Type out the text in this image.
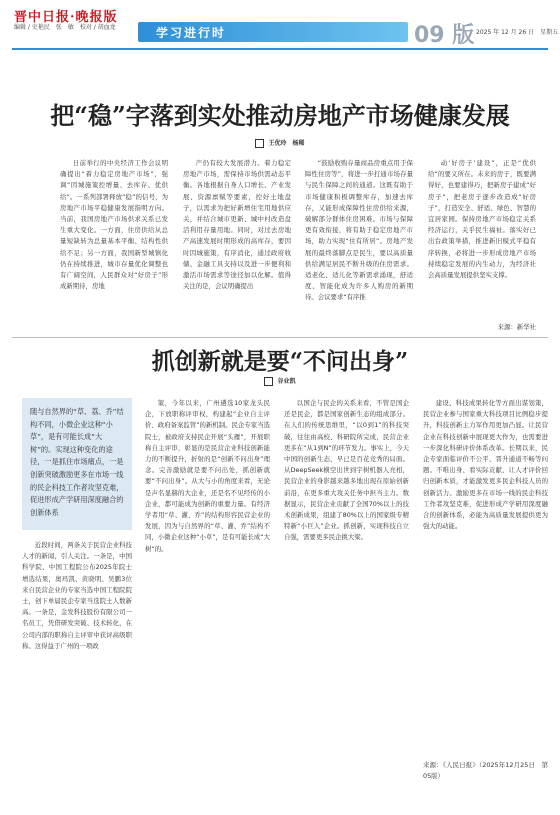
晋中日报·晚报版
编辑 / 史艳民　张　敏　校对 / 胡血龙	学习进行时	09 版 2025 年 12 月 26 日　星期五
把“稳”字落到实处推动房地产市场健康发展
王优玲　杨稀

日前举行的中央经济工作会议明确提出“着力稳定房地产市场”，强调“因城施策控增量、去库存、优供给”。一系列部署释放“稳”的信号，为房地产市场平稳健康发展指明方向。当前，我国房地产市场供求关系已发生重大变化。一方面，住房供给从总量短缺转为总量基本平衡、结构性供给不足；另一方面，我国新型城镇化仍在持续推进，城市存量优化调整也有广阔空间，人民群众对“好房子”形成新期待，房地

产仍有较大发展潜力。着力稳定房地产市场，需保持市场供需动态平衡。各地根据自身人口增长、产业发展、资源禀赋等要素，控好土地盘子，以需求为把好新增住宅用地供应关，并结合城市更新、城中村改造盘活利用存量用地。同时，对过去房地产高速发展时期形成的高库存，要因时因城施策，有序消化，通过政府收储、金融工具支持以及进一步便利和激活市场需求等途径加以化解。值得关注的是，会议明确提出

“鼓励收购存量商品房重点用于保障性住房等”，将进一步打通市场存量与民生保障之间的通道。这既有助于市场健康积极调整库存，加速去库存，又能形成保障性住房供给来源，破解部分群体住房困难。市场与保障更有效衔接，将有助于稳定房地产市场，助力实现“住有所居”。房地产发展的最终落脚点是民生，要以高质量供给满足居民不断升级的住房需求。适老化、适儿化等新需求涌现，舒适度、智能化成为许多人购房的新期待。会议要求“有序推

动‘好房子’建设”，正是“优供给”的要义所在。未来的房子，既要满得好，也要建得巧，把新房子建成“好房子”，把老房子逐步改造成“好房子”，打造安全、舒适、绿色、智慧的宜居家园。保持房地产市场稳定关系经济运行，关乎民生福祉。落实好已出台政策举措，推进新旧模式平稳有序转换，必将进一步形成房地产市场持续稳定发展的内生动力，为经济社会高质量发展提供坚实支撑。

来源：新华社
抓创新就是要“不问出身”
谷业凯

随与自然界的“草、荔、乔”结构不同，小微企业这种“小草”，是有可能长成“大树”的。实现这种变化的途径，一是抓住市场痛点，一是创新突破激励更多在市场一线的民企科技工作者攻坚克难，促进形成产学研用深度融合的创新体系

近段时间，两条关于民营企业科技人才的新闻，引人关注。一条是，中国科学院、中国工程院公布2025年院士增选结果，奥玛凯、黄晓明、吴鹏3位来自民营企业的专家当选中国工程院院士，创下单届民企专家当选院士人数新高。一条是，金发科技股份有限公司一名员工，凭借研发突破、技术转化，在公司内部的职称自主评审中获评高级职称。这得益于广州的一项政

策，今年以来，广州遴选10家龙头民企，下放职称评审权，构建起“企业自主评价、政府备案监管”的新机制。民企专家当选院士，被政府支持民企开展“头雁”，开展职称自主评审，彰显的是民营企业科技创新能力的不断提升，折射的是“创新不问出身”理念。完善激励就是要不问出处，抓创新就要“不问出身”。从大与小的角度来看，无论是声名显赫的大企业，还是名不见经传的小企业，都可能成为创新的重要力量。有经济学者用“草、灌、乔”的结构形容民营企业的发展，因为与自然界的“草、灌、乔”结构不同，小微企业这种“小草”，是有可能长成“大树”的。

以国企与民企的关系来看，不管是国企还是民企，都是国家创新生态的组成部分。在人们的传统思维里，“以0到1”的科技突破，往往由高校、科研院所完成，民营企业更多在“从1到N”的环节发力。事实上，今天中国的创新生态，早已是百花竞秀的局面。从DeepSeek横空出世到宇树机器人亮相，民营企业的身影越来越多地出现在原始创新前沿，在更多重大攻关任务中担当主力。数据显示，民营企业贡献了全国70%以上的技术创新成果，组建了80%以上的国家级专精特新“小巨人”企业。抓创新，实现科技自立自强，需要更多民企挑大梁。

建设、科技成果转化等方面出谋划策，民营企业参与国家重大科技项目比例稳步提升，科技创新主力军作用更加凸显。让民营企业在科技创新中展现更大作为，也需要进一步深化科研评价体系改革。长期以来，民企专家面临评价不公平、晋升通道不畅等问题。不唯出身、看实际贡献，让人才评价回归创新本质，才能激发更多民企科技人员的创新活力。激励更多在市场一线的民企科技工作者攻坚克难，促进形成产学研用深度融合的创新体系，必能为高质量发展提供更为强大的动能。

来源：《人民日报》（2025年12月25日　第05版）
